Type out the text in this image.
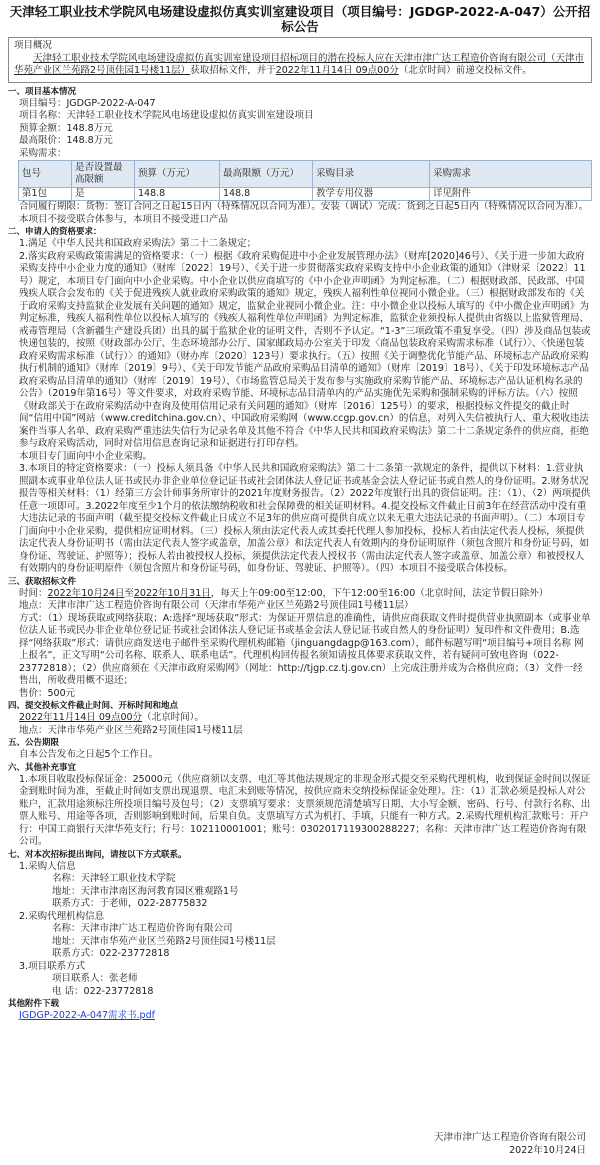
天津轻工职业技术学院风电场建设虚拟仿真实训室建设项目（项目编号：JGDGP-2022-A-047）公开招标公告
项目概况
天津轻工职业技术学院风电场建设虚拟仿真实训室建设项目招标项目的潜在投标人应在天津市津广达工程造价咨询有限公司（天津市华苑产业区兰苑路2号顶佳园1号楼11层）获取招标文件，并于2022年11月14日 09点00分（北京时间）前递交投标文件。
一、项目基本情况
项目编号：JGDGP-2022-A-047
项目名称：天津轻工职业技术学院风电场建设虚拟仿真实训室建设项目
预算金额：148.8万元
最高限价：148.8万元
采购需求：
包号	是否设置最高限额	预算（万元）	最高限额（万元）	采购目录	采购需求
第1包	是	148.8	148.8	教学专用仪器	详见附件
合同履行期限：货物：签订合同之日起15日内（特殊情况以合同为准）。安装（调试）完成：货到之日起5日内（特殊情况以合同为准）。
本项目不接受联合体参与，本项目不接受进口产品
二、申请人的资格要求：
1.满足《中华人民共和国政府采购法》第二十二条规定；
2.落实政府采购政策需满足的资格要求：（一）根据《政府采购促进中小企业发展管理办法》（财库[2020]46号）、《关于进一步加大政府采购支持中小企业力度的通知》（财库〔2022〕19号）、《关于进一步贯彻落实政府采购支持中小企业政策的通知》（津财采〔2022〕11号）规定，本项目专门面向中小企业采购。中小企业以供应商填写的《中小企业声明函》为判定标准。（二）根据财政部、民政部、中国残疾人联合会发布的《关于促进残疾人就业政府采购政策的通知》规定，残疾人福利性单位视同小微企业。（三）根据财政部发布的《关于政府采购支持监狱企业发展有关问题的通知》规定，监狱企业视同小微企业。注：中小微企业以投标人填写的《中小微企业声明函》为判定标准，残疾人福利性单位以投标人填写的《残疾人福利性单位声明函》为判定标准，监狱企业须投标人提供由省级以上监狱管理局、戒毒管理局（含新疆生产建设兵团）出具的属于监狱企业的证明文件，否则不予认定。“1-3”三项政策不重复享受。（四）涉及商品包装或快递包装的，按照《财政部办公厅、生态环境部办公厅、国家邮政局办公室关于印发〈商品包装政府采购需求标准（试行）〉、〈快递包装政府采购需求标准（试行）〉的通知》（财办库〔2020〕123号）要求执行。（五）按照《关于调整优化节能产品、环境标志产品政府采购执行机制的通知》（财库〔2019〕9号）、《关于印发节能产品政府采购品目清单的通知》（财库〔2019〕18号）、《关于印发环境标志产品政府采购品目清单的通知》（财库〔2019〕19号）、《市场监管总局关于发布参与实施政府采购节能产品、环境标志产品认证机构名录的公告》（2019年第16号）等文件要求，对政府采购节能、环境标志品目清单内的产品实施优先采购和强制采购的评标方法。（六）按照《财政部关于在政府采购活动中查询及使用信用记录有关问题的通知》（财库〔2016〕125号）的要求，根据投标文件提交的截止时间“信用中国”网站（www.creditchina.gov.cn）、中国政府采购网（www.ccgp.gov.cn）的信息，对列入失信被执行人、重大税收违法案件当事人名单、政府采购严重违法失信行为记录名单及其他不符合《中华人民共和国政府采购法》第二十二条规定条件的供应商，拒绝参与政府采购活动，同时对信用信息查询记录和证据进行打印存档。
本项目专门面向中小企业采购。
3.本项目的特定资格要求：（一）投标人须具备《中华人民共和国政府采购法》第二十二条第一款规定的条件，提供以下材料：1.营业执照副本或事业单位法人证书或民办非企业单位登记证书或社会团体法人登记证书或基金会法人登记证书或自然人的身份证明。2.财务状况报告等相关材料：（1）经第三方会计师事务所审计的2021年度财务报告。（2）2022年度银行出具的资信证明。注：（1）、（2）两项提供任意一项即可。3.2022年度至少1个月的依法缴纳税收和社会保障费的相关证明材料。4.提交投标文件截止日前3年在经营活动中没有重大违法记录的书面声明（截至提交投标文件截止日成立不足3年的供应商可提供自成立以来无重大违法记录的书面声明）。（二）本项目专门面向中小企业采购，提供相应证明材料。（三）投标人须由法定代表人或其委托代理人参加投标，投标人若由法定代表人投标，须提供法定代表人身份证明书（需由法定代表人签字或盖章，加盖公章）和法定代表人有效期内的身份证明原件（须包含照片和身份证号码，如身份证、驾驶证、护照等）；投标人若由被授权人投标，须提供法定代表人授权书（需由法定代表人签字或盖章、加盖公章）和被授权人有效期内的身份证明原件（须包含照片和身份证号码，如身份证、驾驶证、护照等）。（四）本项目不接受联合体投标。
三、获取招标文件
时间：2022年10月24日至2022年10月31日，每天上午09:00至12:00，下午12:00至16:00（北京时间，法定节假日除外）
地点：天津市津广达工程造价咨询有限公司（天津市华苑产业区兰苑路2号顶佳园1号楼11层）
方式：（1）现场获取或网络获取；A:选择“现场获取”形式：为保证开票信息的准确性，请供应商获取文件时提供营业执照副本（或事业单位法人证书或民办非企业单位登记证书或社会团体法人登记证书或基金会法人登记证书或自然人的身份证明）复印件和文件费用；B.选择“网络获取”形式：请供应商发送电子邮件至采购代理机构邮箱（jinguangdagp@163.com），邮件标题写明“项目编号+项目名称 网上报名”，正文写明“公司名称、联系人、联系电话”。代理机构回传报名须知请按具体要求获取文件，若有疑问可致电咨询（022-23772818）；（2）供应商须在《天津市政府采购网》（网址：http://tjgp.cz.tj.gov.cn）上完成注册并成为合格供应商；（3）文件一经售出，所收费用概不退还；
售价：500元
四、提交投标文件截止时间、开标时间和地点
2022年11月14日 09点00分（北京时间）。
地点：天津市华苑产业区兰苑路2号顶佳园1号楼11层
五、公告期限
自本公告发布之日起5个工作日。
六、其他补充事宜
1.本项目收取投标保证金：25000元（供应商须以支票、电汇等其他法规规定的非现金形式提交至采购代理机构，收到保证金时间以保证金到账时间为准，至截止时间如支票出现退票、电汇未到账等情况，按供应商未交纳投标保证金处理）。注：（1）汇款必须是投标人对公账户，汇款用途须标注所投项目编号及包号；（2）支票填写要求：支票须规范清楚填写日期、大小写金额、密码、行号、付款行名称、出票人账号、用途等各项，否则影响到账时间，后果自负。支票填写方式为机打、手填，只能有一种方式。2.采购代理机构汇款账号：开户行：中国工商银行天津华苑支行；行号：102110001001；账号：0302017119300288227；名称：天津市津广达工程造价咨询有限公司。
七、对本次招标提出询问，请按以下方式联系。
1.采购人信息
名称：天津轻工职业技术学院
地址：天津市津南区海河教育园区雅观路1号
联系方式：于老师，022-28775832
2.采购代理机构信息
名称：天津市津广达工程造价咨询有限公司
地址：天津市华苑产业区兰苑路2号顶佳园1号楼11层
联系方式：022-23772818
3.项目联系方式
项目联系人：张老师
电 话：022-23772818
其他附件下载
JGDGP-2022-A-047需求书.pdf
天津市津广达工程造价咨询有限公司
2022年10月24日
